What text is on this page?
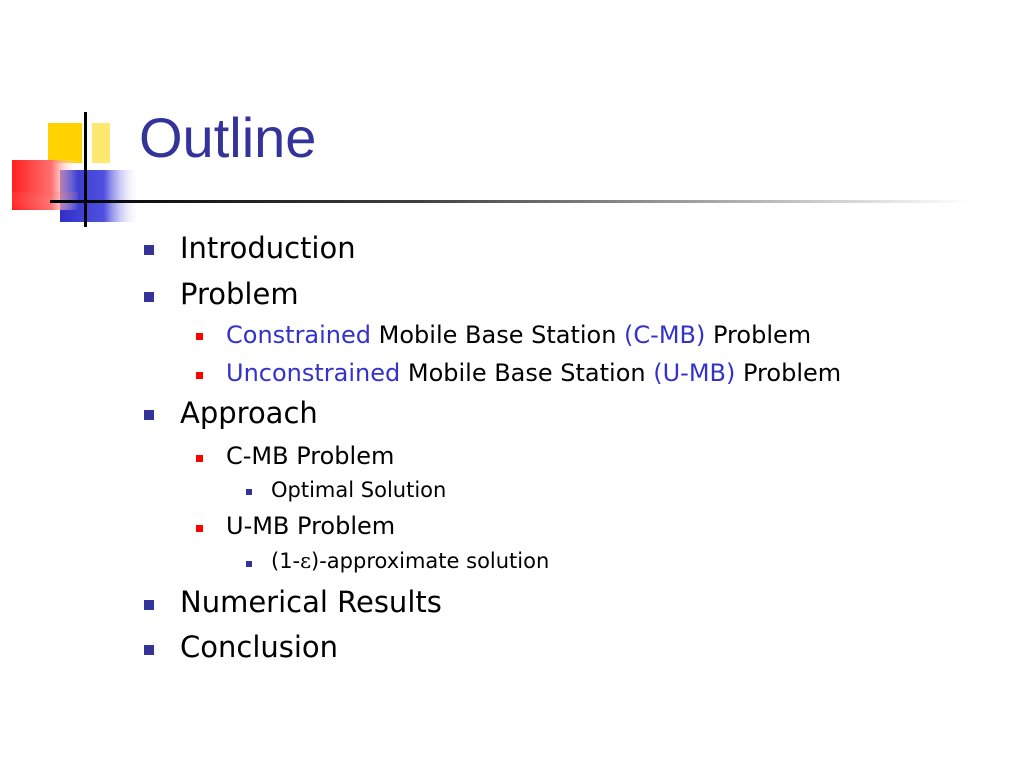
Outline
Introduction
Problem
Constrained Mobile Base Station (C-MB) Problem
Unconstrained Mobile Base Station (U-MB) Problem
Approach
C-MB Problem
Optimal Solution
U-MB Problem
(1-ε)-approximate solution
Numerical Results
Conclusion
